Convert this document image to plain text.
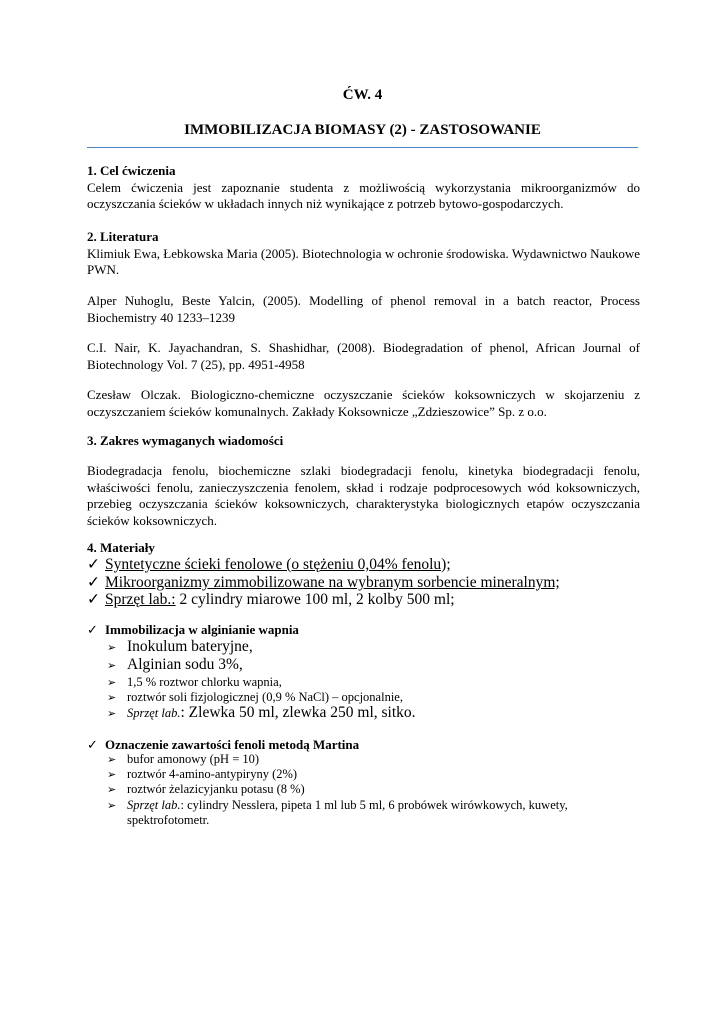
ĆW. 4
IMMOBILIZACJA BIOMASY (2) - ZASTOSOWANIE
1. Cel ćwiczenia
Celem ćwiczenia jest zapoznanie studenta z możliwością wykorzystania mikroorganizmów do oczyszczania ścieków w układach innych niż wynikające z potrzeb bytowo-gospodarczych.
2. Literatura
Klimiuk Ewa, Łebkowska Maria (2005). Biotechnologia w ochronie środowiska. Wydawnictwo Naukowe PWN.
Alper Nuhoglu, Beste Yalcin, (2005). Modelling of phenol removal in a batch reactor, Process Biochemistry 40 1233–1239
C.I. Nair, K. Jayachandran, S. Shashidhar, (2008). Biodegradation of phenol, African Journal of Biotechnology Vol. 7 (25), pp. 4951-4958
Czesław Olczak. Biologiczno-chemiczne oczyszczanie ścieków koksowniczych w skojarzeniu z oczyszczaniem ścieków komunalnych. Zakłady Koksownicze „Zdzieszowice” Sp. z o.o.
3. Zakres wymaganych wiadomości
Biodegradacja fenolu, biochemiczne szlaki biodegradacji fenolu, kinetyka biodegradacji fenolu, właściwości fenolu, zanieczyszczenia fenolem, skład i rodzaje podprocesowych wód koksowniczych, przebieg oczyszczania ścieków koksowniczych, charakterystyka biologicznych etapów oczyszczania ścieków koksowniczych.
4. Materiały
✓ Syntetyczne ścieki fenolowe (o stężeniu 0,04% fenolu);
✓ Mikroorganizmy zimmobilizowane na wybranym sorbencie mineralnym;
✓ Sprzęt lab.: 2 cylindry miarowe 100 ml, 2 kolby 500 ml;
✓ Immobilizacja w alginianie wapnia
➢ Inokulum bateryjne,
➢ Alginian sodu 3%,
➢ 1,5 % roztwor chlorku wapnia,
➢ roztwór soli fizjologicznej (0,9 % NaCl) – opcjonalnie,
➢ Sprzęt lab.: Zlewka 50 ml, zlewka 250 ml, sitko.
✓ Oznaczenie zawartości fenoli metodą Martina
➢ bufor amonowy (pH = 10)
➢ roztwór 4-amino-antypiryny (2%)
➢ roztwór żelazicyjanku potasu (8 %)
➢ Sprzęt lab.: cylindry Nesslera, pipeta 1 ml lub 5 ml, 6 probówek wirówkowych, kuwety,
spektrofotometr.
